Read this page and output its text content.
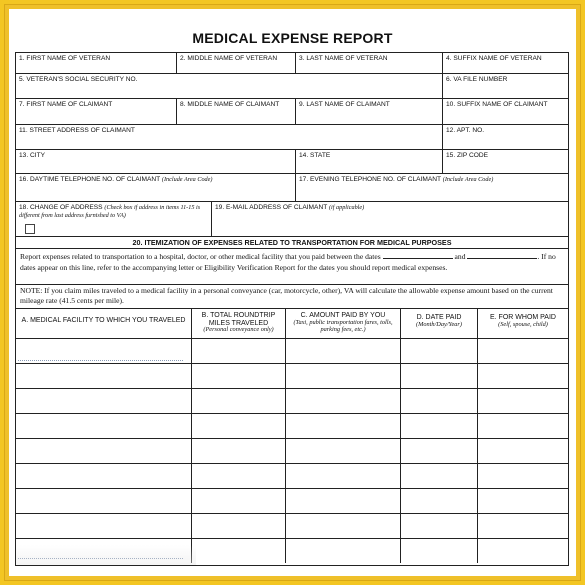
MEDICAL EXPENSE REPORT
1. FIRST NAME OF VETERAN	2. MIDDLE NAME OF VETERAN	3. LAST NAME OF VETERAN	4. SUFFIX NAME OF VETERAN
5. VETERAN'S SOCIAL SECURITY NO.	6. VA FILE NUMBER
7. FIRST NAME OF CLAIMANT	8. MIDDLE NAME OF CLAIMANT	9. LAST NAME OF CLAIMANT	10. SUFFIX NAME OF CLAIMANT
11. STREET ADDRESS OF CLAIMANT	12. APT. NO.
13. CITY	14. STATE	15. ZIP CODE
16. DAYTIME TELEPHONE NO. OF CLAIMANT (Include Area Code)	17. EVENING TELEPHONE NO. OF CLAIMANT (Include Area Code)
18. CHANGE OF ADDRESS (Check box if address in items 11-15 is different from last address furnished to VA)
19. E-MAIL ADDRESS OF CLAIMANT (if applicable)
20. ITEMIZATION OF EXPENSES RELATED TO TRANSPORTATION FOR MEDICAL PURPOSES
Report expenses related to transportation to a hospital, doctor, or other medical facility that you paid between the dates	and	. If no dates appear on this line, refer to the accompanying letter or Eligibility Verification Report for the dates you should report medical expenses.
NOTE: If you claim miles traveled to a medical facility in a personal conveyance (car, motorcycle, other), VA will calculate the allowable expense amount based on the current mileage rate (41.5 cents per mile).
A. MEDICAL FACILITY TO WHICH YOU TRAVELED
B. TOTAL ROUNDTRIP MILES TRAVELED
(Personal conveyance only)
C. AMOUNT PAID BY YOU
(Taxi, public transportation fares, tolls, parking fees, etc.)
D. DATE PAID
(Month/Day/Year)
E. FOR WHOM PAID
(Self, spouse, child)
